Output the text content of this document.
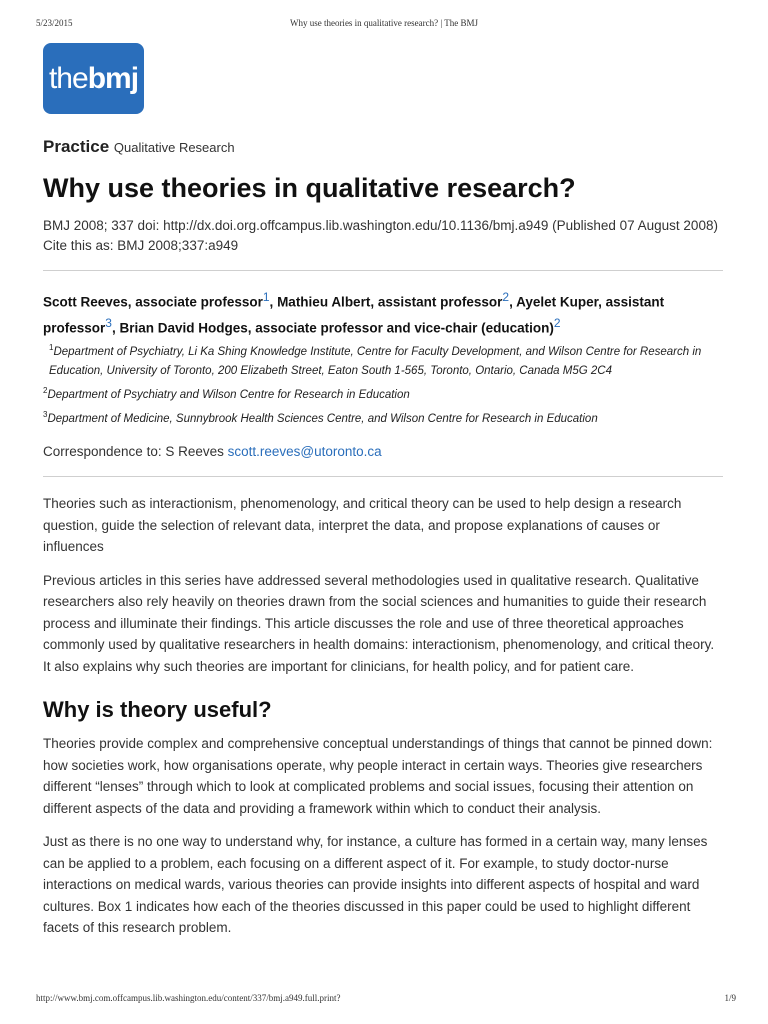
5/23/2015	Why use theories in qualitative research? | The BMJ
the bmj
Practice Qualitative Research
Why use theories in qualitative research?
BMJ 2008; 337 doi: http://dx.doi.org.offcampus.lib.washington.edu/10.1136/bmj.a949 (Published 07 August 2008) Cite this as: BMJ 2008;337:a949
Scott Reeves, associate professor$^1$, Mathieu Albert, assistant professor$^2$, Ayelet Kuper, assistant professor$^3$, Brian David Hodges, associate professor and vice-chair (education)$^2$
$^1$Department of Psychiatry, Li Ka Shing Knowledge Institute, Centre for Faculty Development, and Wilson Centre for Research in Education, University of Toronto, 200 Elizabeth Street, Eaton South 1-565, Toronto, Ontario, Canada M5G 2C4
$^2$Department of Psychiatry and Wilson Centre for Research in Education
$^3$Department of Medicine, Sunnybrook Health Sciences Centre, and Wilson Centre for Research in Education
Correspondence to: S Reeves scott.reeves@utoronto.ca

Theories such as interactionism, phenomenology, and critical theory can be used to help design a research question, guide the selection of relevant data, interpret the data, and propose explanations of causes or influences

Previous articles in this series have addressed several methodologies used in qualitative research. Qualitative researchers also rely heavily on theories drawn from the social sciences and humanities to guide their research process and illuminate their findings. This article discusses the role and use of three theoretical approaches commonly used by qualitative researchers in health domains: interactionism, phenomenology, and critical theory. It also explains why such theories are important for clinicians, for health policy, and for patient care.

Why is theory useful?

Theories provide complex and comprehensive conceptual understandings of things that cannot be pinned down: how societies work, how organisations operate, why people interact in certain ways. Theories give researchers different “lenses” through which to look at complicated problems and social issues, focusing their attention on different aspects of the data and providing a framework within which to conduct their analysis.

Just as there is no one way to understand why, for instance, a culture has formed in a certain way, many lenses can be applied to a problem, each focusing on a different aspect of it. For example, to study doctor-nurse interactions on medical wards, various theories can provide insights into different aspects of hospital and ward cultures. Box 1 indicates how each of the theories discussed in this paper could be used to highlight different facets of this research problem.

http://www.bmj.com.offcampus.lib.washington.edu/content/337/bmj.a949.full.print?	1/9
